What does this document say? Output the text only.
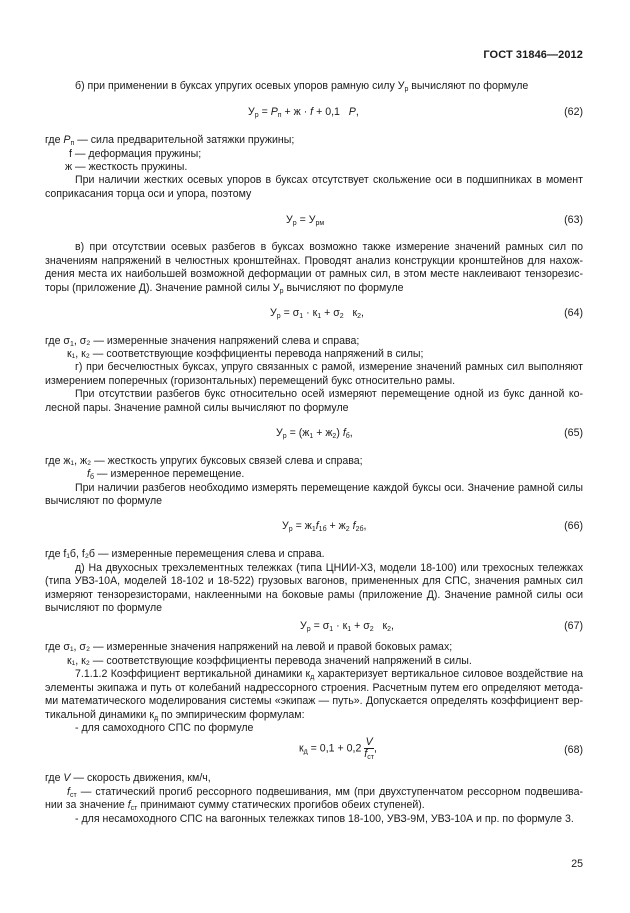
ГОСТ 31846—2012
б) при применении в буксах упругих осевых упоров рамную силу $У_р$ вычисляют по формуле
$У_р = P_п + ж \cdot f + 0,1$   P,	(62)
где $P_п$ — сила предварительной затяжки пружины;
f — деформация пружины;
ж — жесткость пружины.
При наличии жестких осевых упоров в буксах отсутствует скольжение оси в подшипниках в момент
соприкасания торца оси и упора, поэтому
$У_р = У_{рм}$	(63)
в) при отсутствии осевых разбегов в буксах возможно также измерение значений рамных сил по
значениям напряжений в челюстных кронштейнах. Проводят анализ конструкции кронштейнов для нахож-
дения места их наибольшей возможной деформации от рамных сил, в этом месте наклеивают тензорезис-
торы (приложение Д). Значение рамной силы $У_р$ вычисляют по формуле
$У_р = \sigma_1 \cdot к_1 + \sigma_2$   $к_2$,	(64)
где $\sigma_1$, σ₂ — измеренные значения напряжений слева и справа;
к₁, к₂ — соответствующие коэффициенты перевода напряжений в силы;
г) при бесчелюстных буксах, упруго связанных с рамой, измерение значений рамных сил выполняют
измерением поперечных (горизонтальных) перемещений букс относительно рамы.
При отсутствии разбегов букс относительно осей измеряют перемещение одной из букс данной ко-
лесной пары. Значение рамной силы вычисляют по формуле
$У_р = (ж_1 + ж_2)$ $f_б$,	(65)
где ж₁, ж₂ — жесткость упругих буксовых связей слева и справа;
$f_б$ — измеренное перемещение.
При наличии разбегов необходимо измерять перемещение каждой буксы оси. Значение рамной силы
вычисляют по формуле
$У_р = ж_1f_{1б} + ж_2$ $f_{2б}$,	(66)
где f₁б, f₂б — измеренные перемещения слева и справа.
д) На двухосных трехэлементных тележках (типа ЦНИИ-Х3, модели 18-100) или трехосных тележках
(типа УВЗ-10А, моделей 18-102 и 18-522) грузовых вагонов, примененных для СПС, значения рамных сил
измеряют тензорезисторами, наклеенными на боковые рамы (приложение Д). Значение рамной силы оси
вычисляют по формуле
$У_р = \sigma_1 \cdot к_1 + \sigma_2$   $к_2$,	(67)
где σ₁, σ₂ — измеренные значения напряжений на левой и правой боковых рамах;
к₁, к₂ — соответствующие коэффициенты перевода значений напряжений в силы.
7.1.1.2 Коэффициент вертикальной динамики $к_д$ характеризует вертикальное силовое воздействие на
элементы экипажа и путь от колебаний надрессорного строения. Расчетным путем его определяют метода-
ми математического моделирования системы «экипаж — путь». Допускается определять коэффициент вер-
тикальной динамики $к_д$ по эмпирическим формулам:
- для самоходного СПС по формуле
$к_д = 0,1 + 0,2 \frac{V}{f_{ст}}$ ,	(68)
где V — скорость движения, км/ч,
$f_{ст}$ — статический прогиб рессорного подвешивания, мм (при двухступенчатом рессорном подвешива-
нии за значение $f_{ст}$ принимают сумму статических прогибов обеих ступеней).
- для несамоходного СПС на вагонных тележках типов 18-100, УВЗ-9М, УВЗ-10А и пр. по формуле 3.
25
